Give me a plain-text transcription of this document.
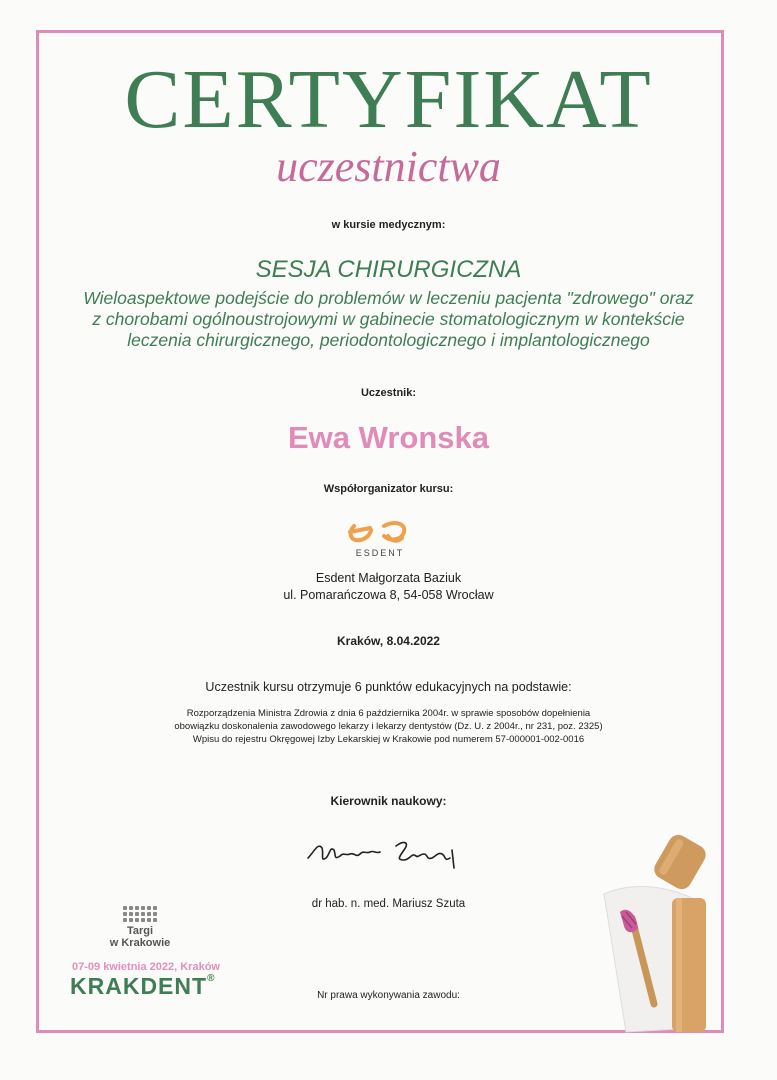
CERTYFIKAT
uczestnictwa
w kursie medycznym:
SESJA CHIRURGICZNA
Wieloaspektowe podejście do problemów w leczeniu pacjenta "zdrowego" oraz
z chorobami ogólnoustrojowymi w gabinecie stomatologicznym w kontekście
leczenia chirurgicznego, periodontologicznego i implantologicznego
Uczestnik:
Ewa Wronska
Współorganizator kursu:
ESDENT
Esdent Małgorzata Baziuk
ul. Pomarańczowa 8, 54-058 Wrocław
Kraków, 8.04.2022
Uczestnik kursu otrzymuje 6 punktów edukacyjnych na podstawie:
Rozporządzenia Ministra Zdrowia z dnia 6 października 2004r. w sprawie sposobów dopełnienia
obowiązku doskonalenia zawodowego lekarzy i lekarzy dentystów (Dz. U. z 2004r., nr 231, poz. 2325)
Wpisu do rejestru Okręgowej Izby Lekarskiej w Krakowie pod numerem 57-000001-002-0016
Kierownik naukowy:
dr hab. n. med. Mariusz Szuta
Nr prawa wykonywania zawodu:
Targi
w Krakowie
07-09 kwietnia 2022, Kraków
KRAKDENT®
